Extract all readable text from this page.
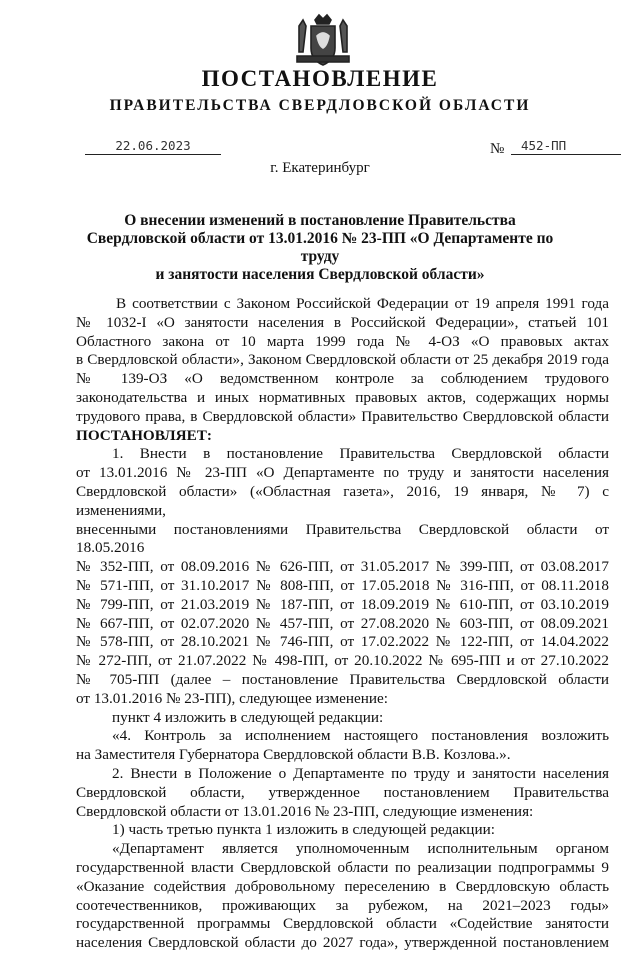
ПОСТАНОВЛЕНИЕ
ПРАВИТЕЛЬСТВА СВЕРДЛОВСКОЙ ОБЛАСТИ
22.06.2023	№	452-ПП
г. Екатеринбург
О внесении изменений в постановление Правительства
Свердловской области от 13.01.2016 № 23-ПП «О Департаменте по труду
и занятости населения Свердловской области»

В соответствии с Законом Российской Федерации от 19 апреля 1991 года

№ 1032-I «О занятости населения в Российской Федерации», статьей 101

Областного закона от 10 марта 1999 года № 4-ОЗ «О правовых актах

в Свердловской области», Законом Свердловской области от 25 декабря 2019 года

№ 139-ОЗ «О ведомственном контроле за соблюдением трудового

законодательства и иных нормативных правовых актов, содержащих нормы

трудового права, в Свердловской области» Правительство Свердловской области

ПОСТАНОВЛЯЕТ:

1. Внести в постановление Правительства Свердловской области

от 13.01.2016 № 23-ПП «О Департаменте по труду и занятости населения

Свердловской области» («Областная газета», 2016, 19 января, № 7) с изменениями,

внесенными постановлениями Правительства Свердловской области от 18.05.2016

№ 352-ПП, от 08.09.2016 № 626-ПП, от 31.05.2017 № 399-ПП, от 03.08.2017

№ 571-ПП, от 31.10.2017 № 808-ПП, от 17.05.2018 № 316-ПП, от 08.11.2018

№ 799-ПП, от 21.03.2019 № 187-ПП, от 18.09.2019 № 610-ПП, от 03.10.2019

№ 667-ПП, от 02.07.2020 № 457-ПП, от 27.08.2020 № 603-ПП, от 08.09.2021

№ 578-ПП, от 28.10.2021 № 746-ПП, от 17.02.2022 № 122-ПП, от 14.04.2022

№ 272-ПП, от 21.07.2022 № 498-ПП, от 20.10.2022 № 695-ПП и от 27.10.2022

№ 705-ПП (далее – постановление Правительства Свердловской области

от 13.01.2016 № 23-ПП), следующее изменение:

пункт 4 изложить в следующей редакции:

«4. Контроль за исполнением настоящего постановления возложить

на Заместителя Губернатора Свердловской области В.В. Козлова.».

2. Внести в Положение о Департаменте по труду и занятости населения

Свердловской области, утвержденное постановлением Правительства

Свердловской области от 13.01.2016 № 23-ПП, следующие изменения:

1) часть третью пункта 1 изложить в следующей редакции:

«Департамент является уполномоченным исполнительным органом

государственной власти Свердловской области по реализации подпрограммы 9

«Оказание содействия добровольному переселению в Свердловскую область

соотечественников, проживающих за рубежом, на 2021–2023 годы»

государственной программы Свердловской области «Содействие занятости

населения Свердловской области до 2027 года», утвержденной постановлением
